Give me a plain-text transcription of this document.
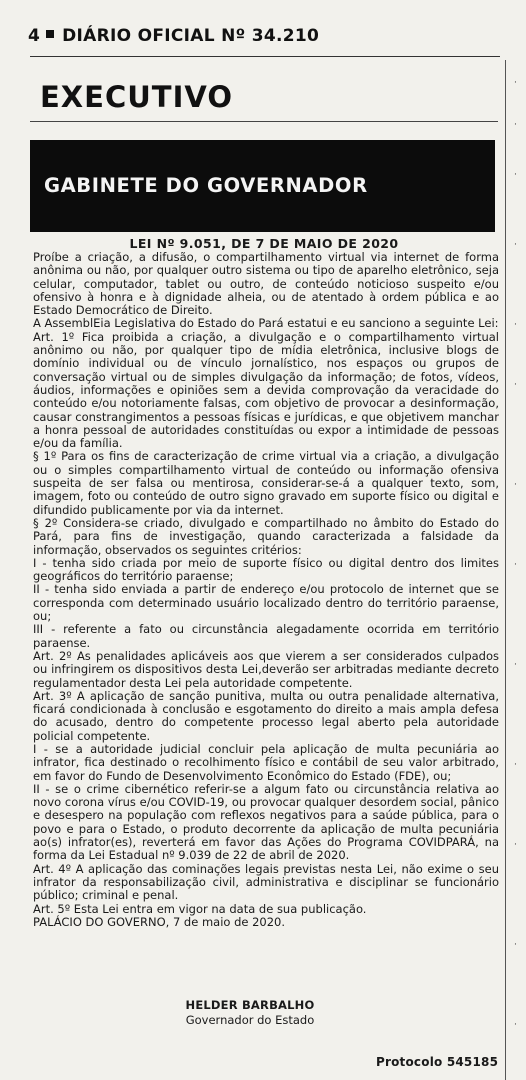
4 DIÁRIO OFICIAL Nº 34.210
EXECUTIVO
GABINETE DO GOVERNADOR
LEI Nº 9.051, DE 7 DE MAIO DE 2020

Proíbe a criação, a difusão, o compartilhamento virtual via internet de forma anônima ou não, por qualquer outro sistema ou tipo de aparelho eletrônico, seja celular, computador, tablet ou outro, de conteúdo noticioso suspeito e/ou ofensivo à honra e à dignidade alheia, ou de atentado à ordem pública e ao Estado Democrático de Direito.

A AssemblEia Legislativa do Estado do Pará estatui e eu sanciono a seguinte Lei:

Art. 1º Fica proibida a criação, a divulgação e o compartilhamento virtual anônimo ou não, por qualquer tipo de mídia eletrônica, inclusive blogs de domínio individual ou de vínculo jornalístico, nos espaços ou grupos de conversação virtual ou de simples divulgação da informação; de fotos, vídeos, áudios, informações e opiniões sem a devida comprovação da veracidade do conteúdo e/ou notoriamente falsas, com objetivo de provocar a desinformação, causar constrangimentos a pessoas físicas e jurídicas, e que objetivem manchar a honra pessoal de autoridades constituídas ou expor a intimidade de pessoas e/ou da família.

§ 1º Para os fins de caracterização de crime virtual via a criação, a divulgação ou o simples compartilhamento virtual de conteúdo ou informação ofensiva suspeita de ser falsa ou mentirosa, considerar-se-á a qualquer texto, som, imagem, foto ou conteúdo de outro signo gravado em suporte físico ou digital e difundido publicamente por via da internet.

§ 2º Considera-se criado, divulgado e compartilhado no âmbito do Estado do Pará, para fins de investigação, quando caracterizada a falsidade da informação, observados os seguintes critérios:

I - tenha sido criada por meio de suporte físico ou digital dentro dos limites geográficos do território paraense;

II - tenha sido enviada a partir de endereço e/ou protocolo de internet que se corresponda com determinado usuário localizado dentro do território paraense, ou;

III - referente a fato ou circunstância alegadamente ocorrida em território paraense.

Art. 2º As penalidades aplicáveis aos que vierem a ser considerados culpados ou infringirem os dispositivos desta Lei,deverão ser arbitradas mediante decreto regulamentador desta Lei pela autoridade competente.

Art. 3º A aplicação de sanção punitiva, multa ou outra penalidade alternativa, ficará condicionada à conclusão e esgotamento do direito a mais ampla defesa do acusado, dentro do competente processo legal aberto pela autoridade policial competente.

I - se a autoridade judicial concluir pela aplicação de multa pecuniária ao infrator, fica destinado o recolhimento físico e contábil de seu valor arbitrado, em favor do Fundo de Desenvolvimento Econômico do Estado (FDE), ou;

II - se o crime cibernético referir-se a algum fato ou circunstância relativa ao novo corona vírus e/ou COVID-19, ou provocar qualquer desordem social, pânico e desespero na população com reflexos negativos para a saúde pública, para o povo e para o Estado, o produto decorrente da aplicação de multa pecuniária ao(s) infrator(es), reverterá em favor das Ações do Programa COVIDPARÁ, na forma da Lei Estadual nº 9.039 de 22 de abril de 2020.

Art. 4º A aplicação das cominações legais previstas nesta Lei, não exime o seu infrator da responsabilização civil, administrativa e disciplinar se funcionário público; criminal e penal.

Art. 5º Esta Lei entra em vigor na data de sua publicação.

PALÁCIO DO GOVERNO, 7 de maio de 2020.

HELDER BARBALHO
Governador do Estado
Protocolo 545185
·
·
·
·
·
·
·
·
·
·
·
·
·
